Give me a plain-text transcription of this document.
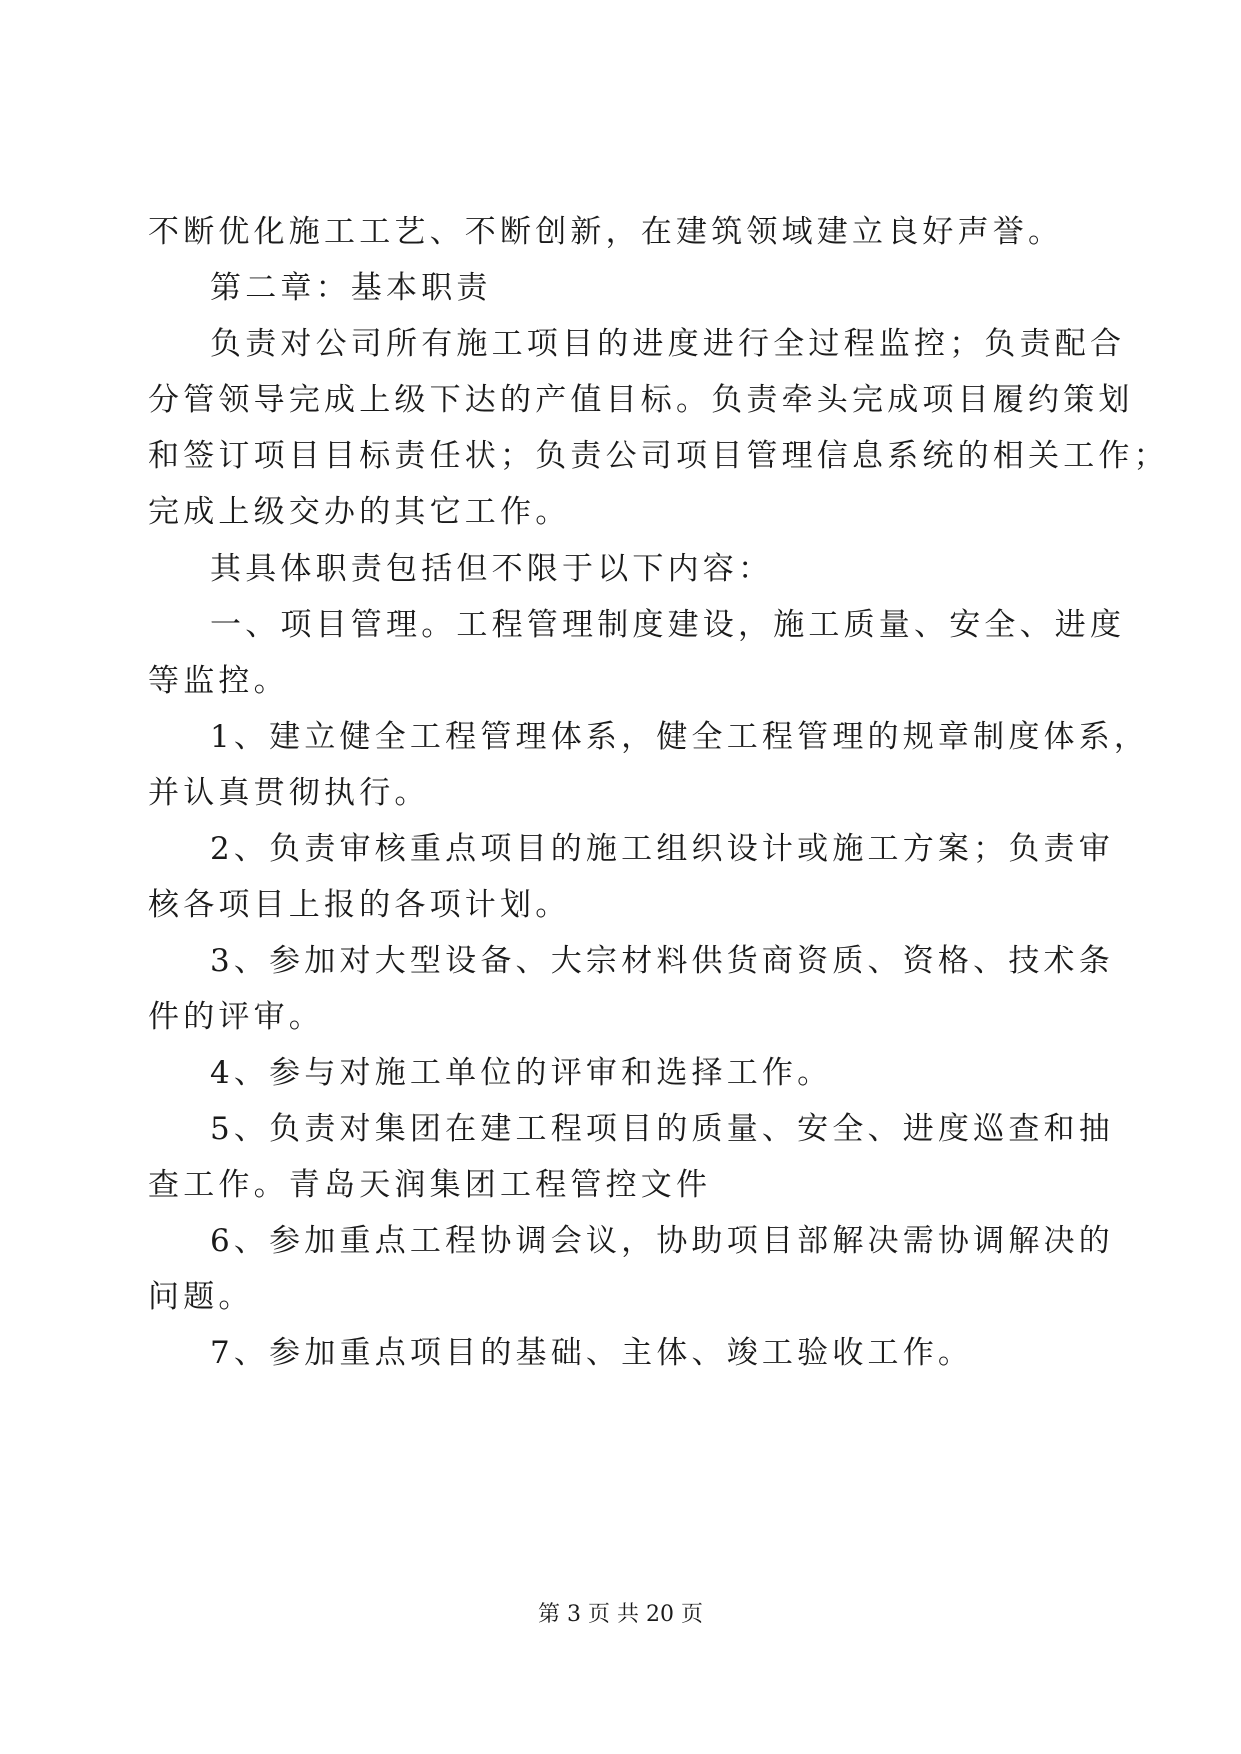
不断优化施工工艺、不断创新，在建筑领域建立良好声誉。
第二章：基本职责
负责对公司所有施工项目的进度进行全过程监控；负责配合
分管领导完成上级下达的产值目标。负责牵头完成项目履约策划
和签订项目目标责任状；负责公司项目管理信息系统的相关工作；
完成上级交办的其它工作。
其具体职责包括但不限于以下内容：
一、项目管理。工程管理制度建设，施工质量、安全、进度
等监控。
1、建立健全工程管理体系，健全工程管理的规章制度体系，
并认真贯彻执行。
2、负责审核重点项目的施工组织设计或施工方案；负责审
核各项目上报的各项计划。
3、参加对大型设备、大宗材料供货商资质、资格、技术条
件的评审。
4、参与对施工单位的评审和选择工作。
5、负责对集团在建工程项目的质量、安全、进度巡查和抽
查工作。青岛天润集团工程管控文件
6、参加重点工程协调会议，协助项目部解决需协调解决的
问题。
7、参加重点项目的基础、主体、竣工验收工作。
第 3 页 共 20 页
